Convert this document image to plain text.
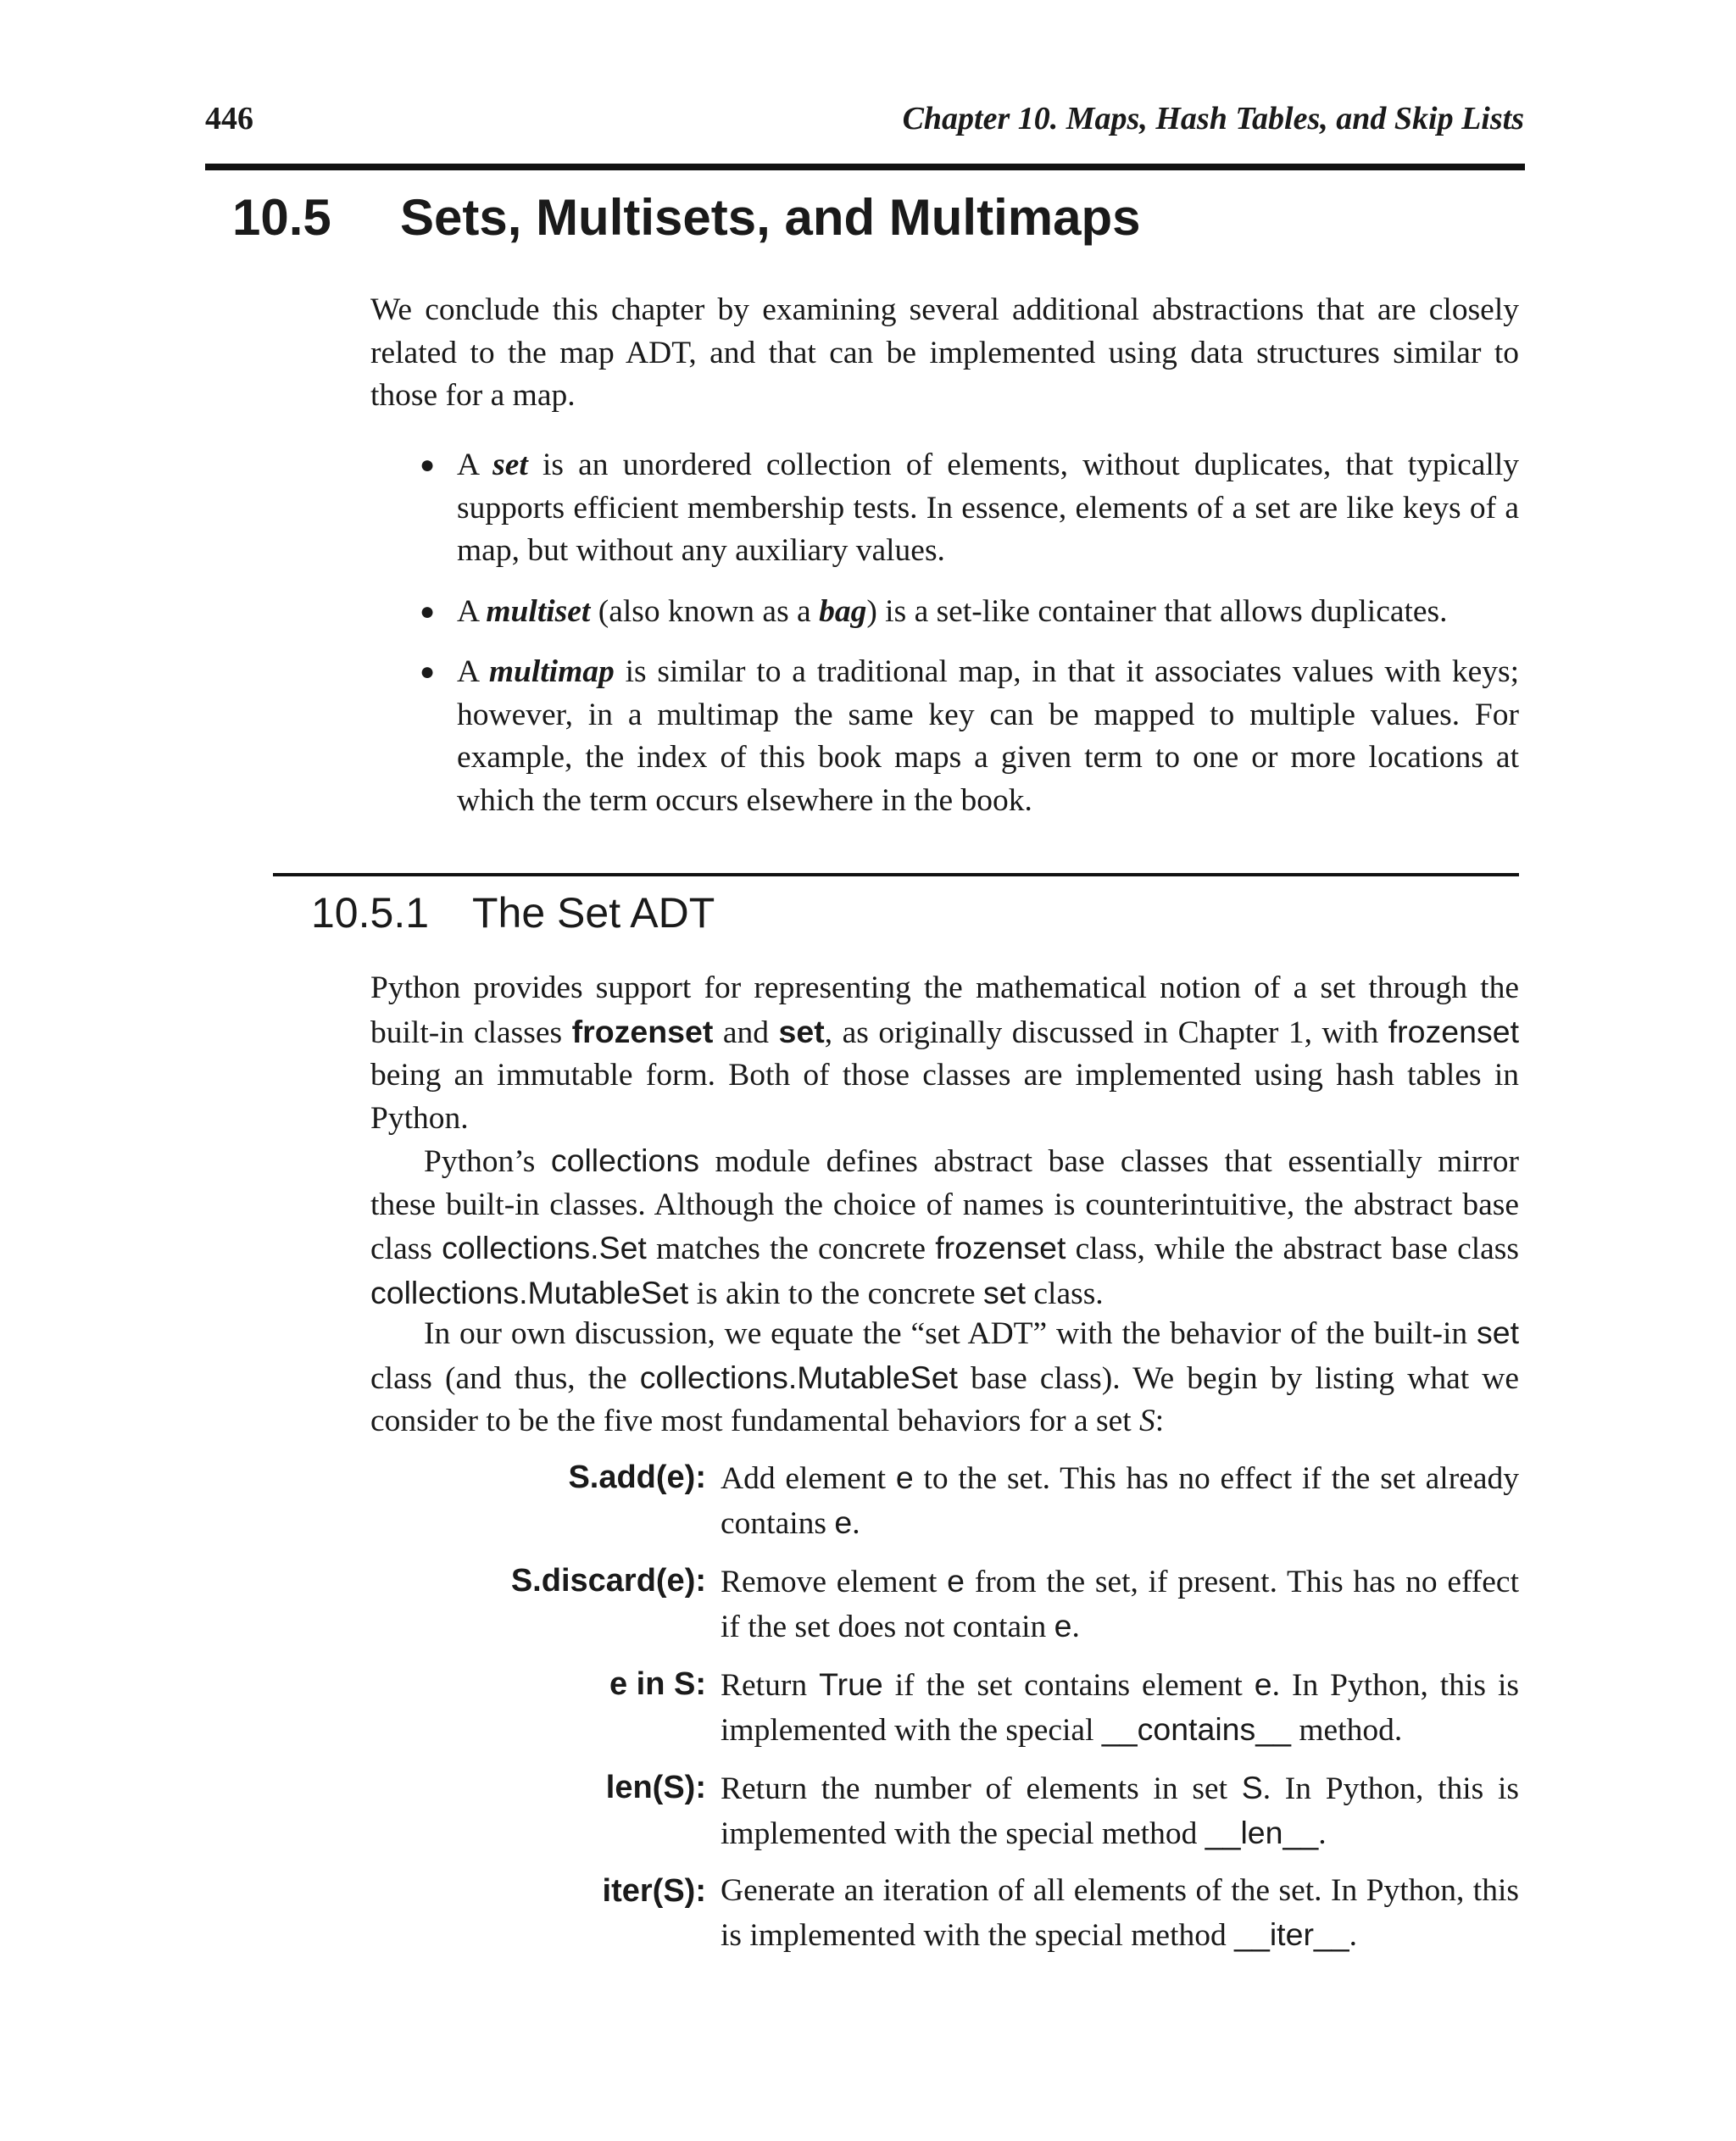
446	Chapter 10. Maps, Hash Tables, and Skip Lists
10.5 Sets, Multisets, and Multimaps

We conclude this chapter by examining several additional abstractions that are closely related to the map ADT, and that can be implemented using data structures similar to those for a map.

● A set is an unordered collection of elements, without duplicates, that typically supports efficient membership tests. In essence, elements of a set are like keys of a map, but without any auxiliary values.
● A multiset (also known as a bag) is a set-like container that allows duplicates.
● A multimap is similar to a traditional map, in that it associates values with keys; however, in a multimap the same key can be mapped to multiple values. For example, the index of this book maps a given term to one or more locations at which the term occurs elsewhere in the book.
10.5.1 The Set ADT

Python provides support for representing the mathematical notion of a set through the built-in classes frozenset and set, as originally discussed in Chapter 1, with frozenset being an immutable form. Both of those classes are implemented using hash tables in Python.

Python’s collections module defines abstract base classes that essentially mirror these built-in classes. Although the choice of names is counterintuitive, the abstract base class collections.Set matches the concrete frozenset class, while the abstract base class collections.MutableSet is akin to the concrete set class.

In our own discussion, we equate the “set ADT” with the behavior of the built-in set class (and thus, the collections.MutableSet base class). We begin by listing what we consider to be the five most fundamental behaviors for a set S:

S.add(e): Add element e to the set. This has no effect if the set already contains e.
S.discard(e): Remove element e from the set, if present. This has no effect if the set does not contain e.
e in S: Return True if the set contains element e. In Python, this is implemented with the special __contains__ method.
len(S): Return the number of elements in set S. In Python, this is implemented with the special method __len__.
iter(S): Generate an iteration of all elements of the set. In Python, this is implemented with the special method __iter__.
